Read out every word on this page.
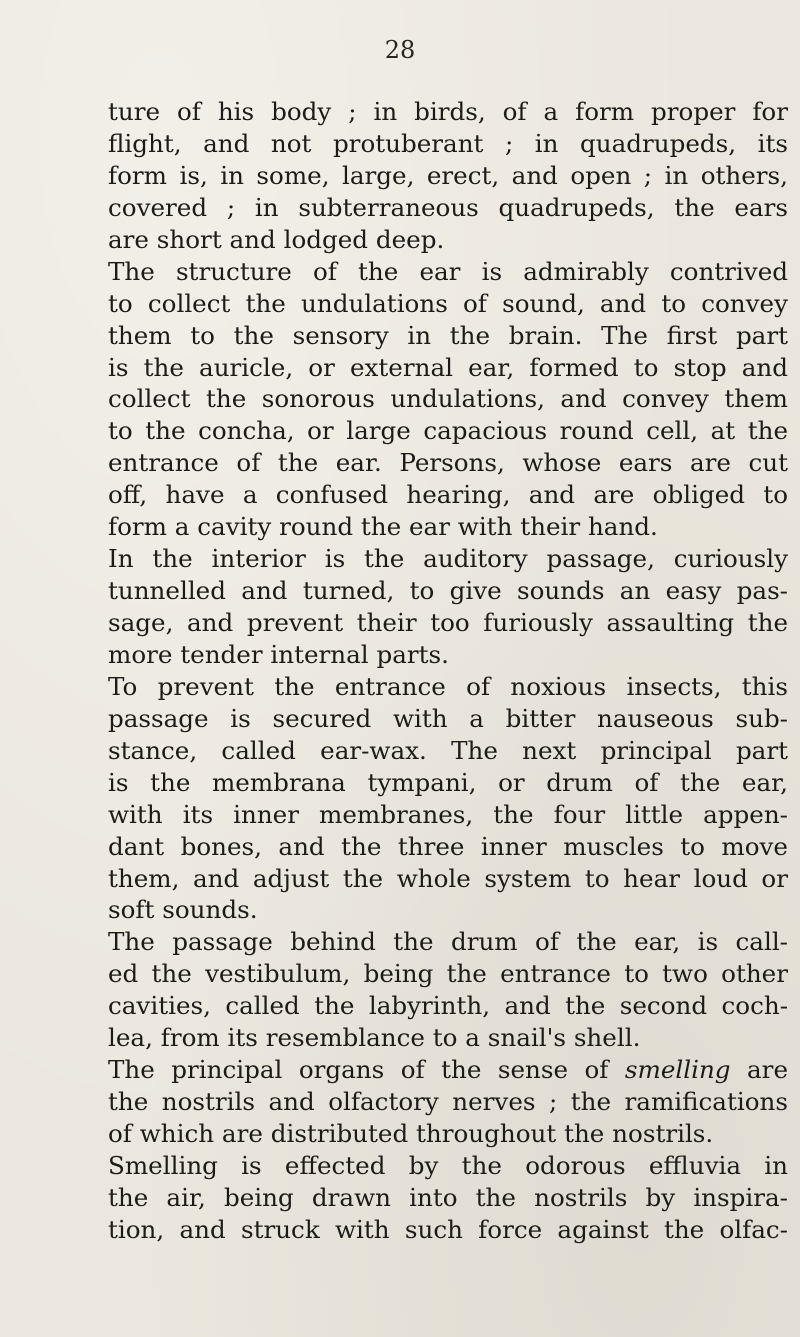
28
ture of his body ; in birds, of a form proper for
flight, and not protuberant ; in quadrupeds, its
form is, in some, large, erect, and open ; in others,
covered ; in subterraneous quadrupeds, the ears
are short and lodged deep.
The structure of the ear is admirably contrived
to collect the undulations of sound, and to convey
them to the sensory in the brain. The first part
is the auricle, or external ear, formed to stop and
collect the sonorous undulations, and convey them
to the concha, or large capacious round cell, at the
entrance of the ear. Persons, whose ears are cut
off, have a confused hearing, and are obliged to
form a cavity round the ear with their hand.
In the interior is the auditory passage, curiously
tunnelled and turned, to give sounds an easy pas-
sage, and prevent their too furiously assaulting the
more tender internal parts.
To prevent the entrance of noxious insects, this
passage is secured with a bitter nauseous sub-
stance, called ear-wax. The next principal part
is the membrana tympani, or drum of the ear,
with its inner membranes, the four little appen-
dant bones, and the three inner muscles to move
them, and adjust the whole system to hear loud or
soft sounds.
The passage behind the drum of the ear, is call-
ed the vestibulum, being the entrance to two other
cavities, called the labyrinth, and the second coch-
lea, from its resemblance to a snail's shell.
The principal organs of the sense of smelling are
the nostrils and olfactory nerves ; the ramifications
of which are distributed throughout the nostrils.
Smelling is effected by the odorous effluvia in
the air, being drawn into the nostrils by inspira-
tion, and struck with such force against the olfac-
